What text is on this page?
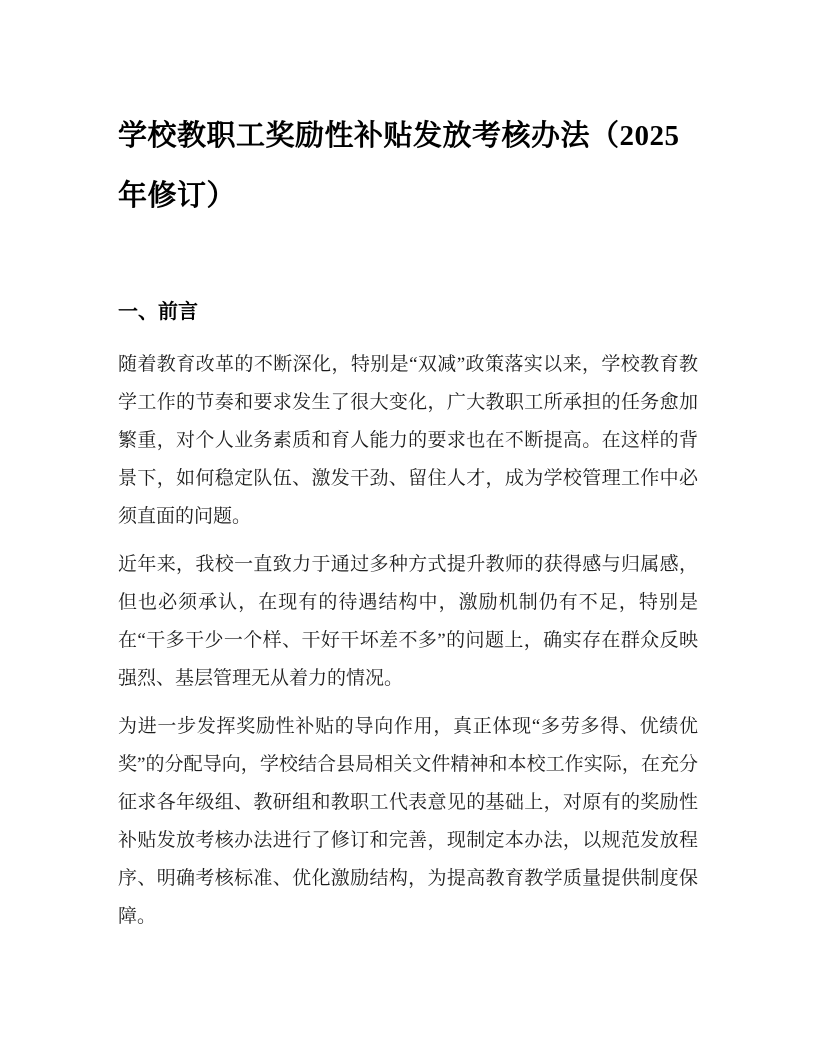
学校教职工奖励性补贴发放考核办法（2025年修订）
一、前言

随着教育改革的不断深化，特别是“双减”政策落实以来，学校教育教学工作的节奏和要求发生了很大变化，广大教职工所承担的任务愈加繁重，对个人业务素质和育人能力的要求也在不断提高。在这样的背景下，如何稳定队伍、激发干劲、留住人才，成为学校管理工作中必须直面的问题。

近年来，我校一直致力于通过多种方式提升教师的获得感与归属感，但也必须承认，在现有的待遇结构中，激励机制仍有不足，特别是在“干多干少一个样、干好干坏差不多”的问题上，确实存在群众反映强烈、基层管理无从着力的情况。

为进一步发挥奖励性补贴的导向作用，真正体现“多劳多得、优绩优奖”的分配导向，学校结合县局相关文件精神和本校工作实际，在充分征求各年级组、教研组和教职工代表意见的基础上，对原有的奖励性补贴发放考核办法进行了修订和完善，现制定本办法，以规范发放程序、明确考核标准、优化激励结构，为提高教育教学质量提供制度保障。
